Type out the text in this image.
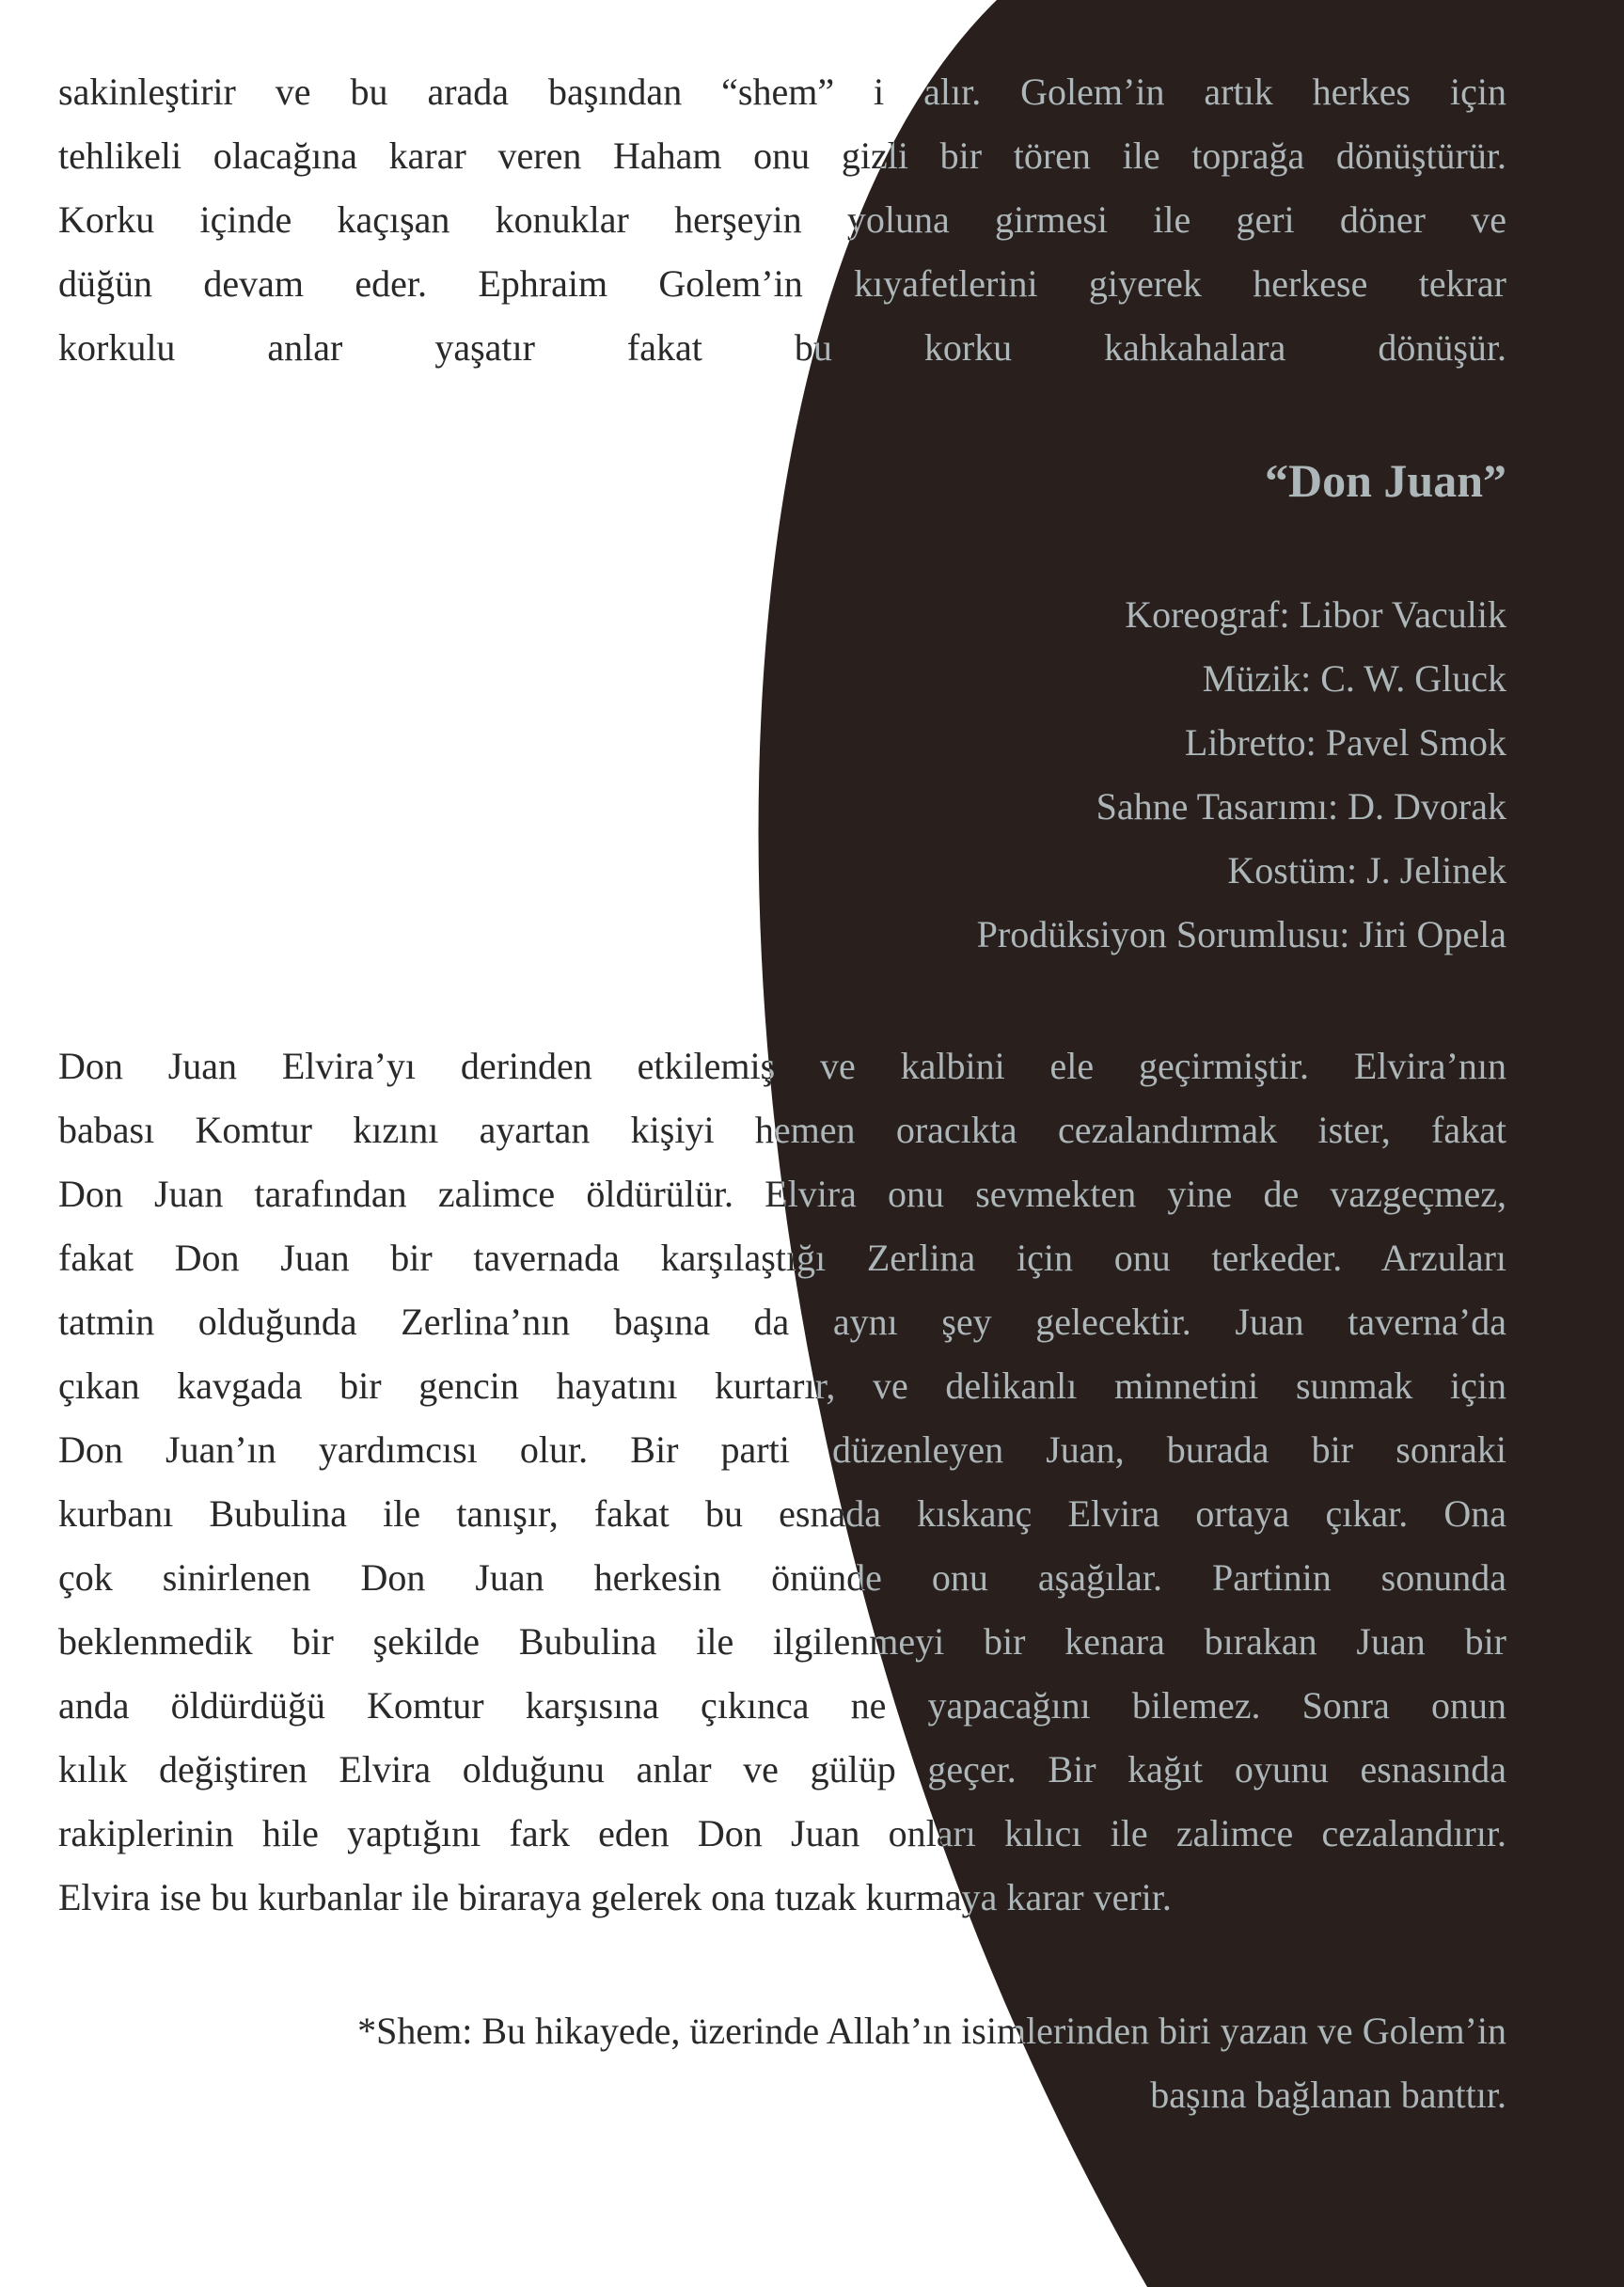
sakinleştirir ve bu arada başından “shem” i alır. Golem’in artık herkes için
tehlikeli olacağına karar veren Haham onu gizli bir tören ile toprağa dönüştürür.
Korku içinde kaçışan konuklar herşeyin yoluna girmesi ile geri döner ve
düğün devam eder. Ephraim Golem’in kıyafetlerini giyerek herkese tekrar
korkulu anlar yaşatır fakat bu korku kahkahalara dönüşür.
“Don Juan”
Koreograf: Libor Vaculik
Müzik: C. W. Gluck
Libretto: Pavel Smok
Sahne Tasarımı: D. Dvorak
Kostüm: J. Jelinek
Prodüksiyon Sorumlusu: Jiri Opela
Don Juan Elvira’yı derinden etkilemiş ve kalbini ele geçirmiştir. Elvira’nın
babası Komtur kızını ayartan kişiyi hemen oracıkta cezalandırmak ister, fakat
Don Juan tarafından zalimce öldürülür. Elvira onu sevmekten yine de vazgeçmez,
fakat Don Juan bir tavernada karşılaştığı Zerlina için onu terkeder. Arzuları
tatmin olduğunda Zerlina’nın başına da aynı şey gelecektir. Juan taverna’da
çıkan kavgada bir gencin hayatını kurtarır, ve delikanlı minnetini sunmak için
Don Juan’ın yardımcısı olur. Bir parti düzenleyen Juan, burada bir sonraki
kurbanı Bubulina ile tanışır, fakat bu esnada kıskanç Elvira ortaya çıkar. Ona
çok sinirlenen Don Juan herkesin önünde onu aşağılar. Partinin sonunda
beklenmedik bir şekilde Bubulina ile ilgilenmeyi bir kenara bırakan Juan bir
anda öldürdüğü Komtur karşısına çıkınca ne yapacağını bilemez. Sonra onun
kılık değiştiren Elvira olduğunu anlar ve gülüp geçer. Bir kağıt oyunu esnasında
rakiplerinin hile yaptığını fark eden Don Juan onları kılıcı ile zalimce cezalandırır.
Elvira ise bu kurbanlar ile biraraya gelerek ona tuzak kurmaya karar verir.
*Shem: Bu hikayede, üzerinde Allah’ın isimlerinden biri yazan ve Golem’in
başına bağlanan banttır.
